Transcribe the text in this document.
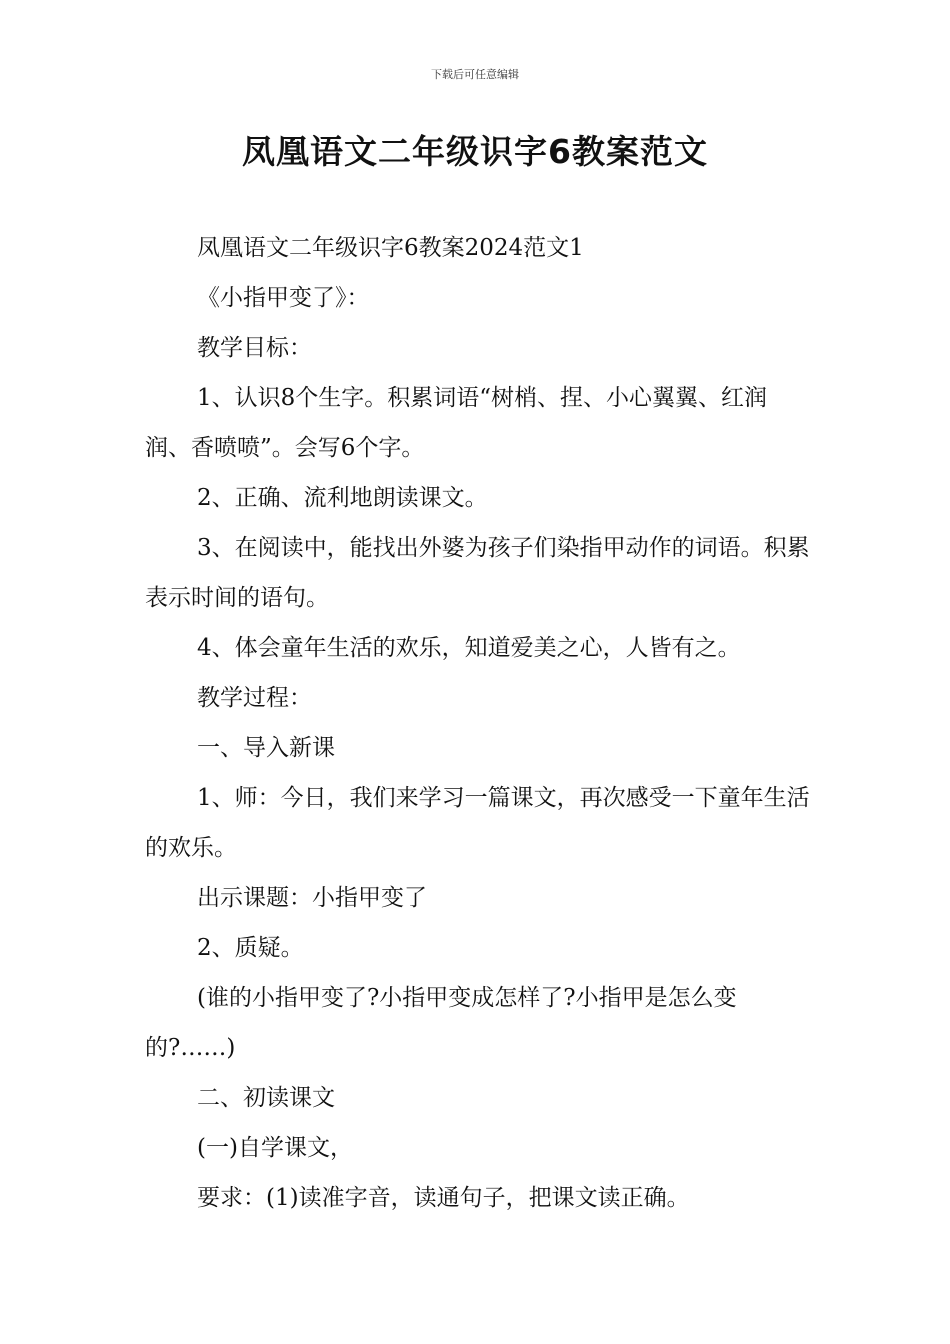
下载后可任意编辑
凤凰语文二年级识字6教案范文

凤凰语文二年级识字6教案2024范文1

《小指甲变了》：

教学目标：

1、认识8个生字。积累词语“树梢、捏、小心翼翼、红润润、香喷喷”。会写6个字。

2、正确、流利地朗读课文。

3、在阅读中，能找出外婆为孩子们染指甲动作的词语。积累表示时间的语句。

4、体会童年生活的欢乐，知道爱美之心，人皆有之。

教学过程：

一、导入新课

1、师：今日，我们来学习一篇课文，再次感受一下童年生活的欢乐。

出示课题：小指甲变了

2、质疑。

(谁的小指甲变了?小指甲变成怎样了?小指甲是怎么变的?……)

二、初读课文

(一)自学课文，

要求：(1)读准字音，读通句子，把课文读正确。
